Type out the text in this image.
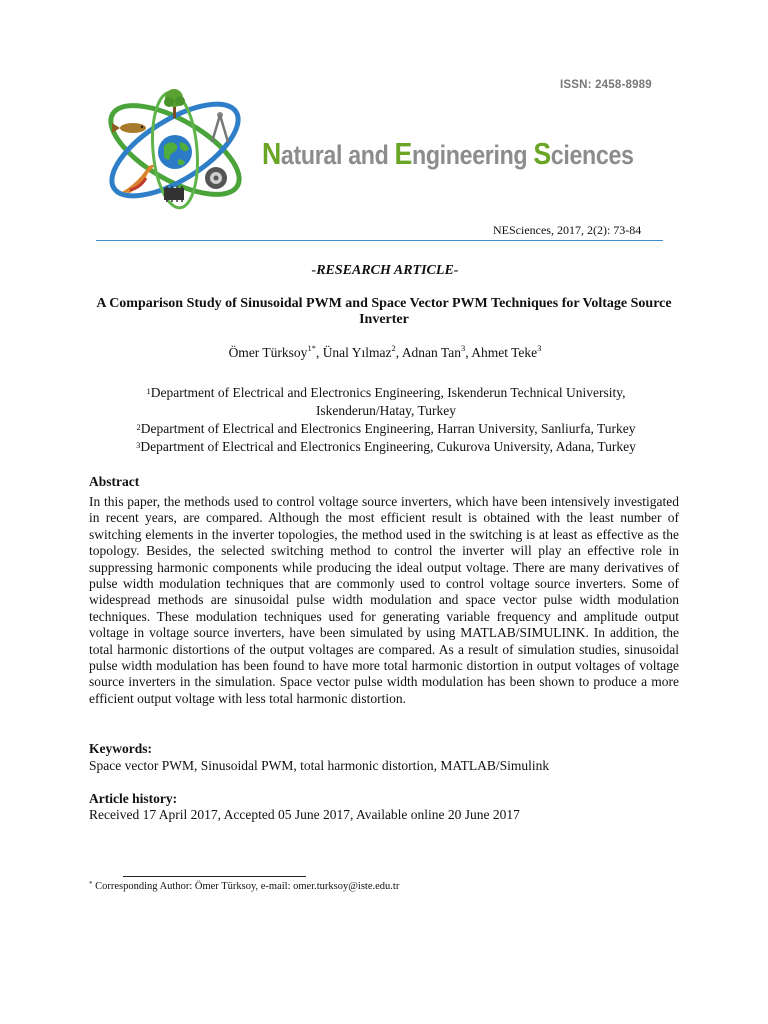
ISSN: 2458-8989
Natural and Engineering Sciences
NESciences, 2017, 2(2): 73-84
-RESEARCH ARTICLE-
A Comparison Study of Sinusoidal PWM and Space Vector PWM Techniques for Voltage Source Inverter
Ömer Türksoy$^{1*}$, Ünal Yılmaz$^2$, Adnan Tan$^3$, Ahmet Teke$^3$
$^1$Department of Electrical and Electronics Engineering, Iskenderun Technical University,
Iskenderun/Hatay, Turkey
$^2$Department of Electrical and Electronics Engineering, Harran University, Sanliurfa, Turkey
$^3$Department of Electrical and Electronics Engineering, Cukurova University, Adana, Turkey
Abstract
In this paper, the methods used to control voltage source inverters, which have been intensively investigated in recent years, are compared. Although the most efficient result is obtained with the least number of switching elements in the inverter topologies, the method used in the switching is at least as effective as the topology. Besides, the selected switching method to control the inverter will play an effective role in suppressing harmonic components while producing the ideal output voltage. There are many derivatives of pulse width modulation techniques that are commonly used to control voltage source inverters. Some of widespread methods are sinusoidal pulse width modulation and space vector pulse width modulation techniques. These modulation techniques used for generating variable frequency and amplitude output voltage in voltage source inverters, have been simulated by using MATLAB/SIMULINK. In addition, the total harmonic distortions of the output voltages are compared. As a result of simulation studies, sinusoidal pulse width modulation has been found to have more total harmonic distortion in output voltages of voltage source inverters in the simulation. Space vector pulse width modulation has been shown to produce a more efficient output voltage with less total harmonic distortion.
Keywords:
Space vector PWM, Sinusoidal PWM, total harmonic distortion, MATLAB/Simulink
Article history:
Received 17 April 2017, Accepted 05 June 2017, Available online 20 June 2017
* Corresponding Author: Ömer Türksoy, e-mail: omer.turksoy@iste.edu.tr
